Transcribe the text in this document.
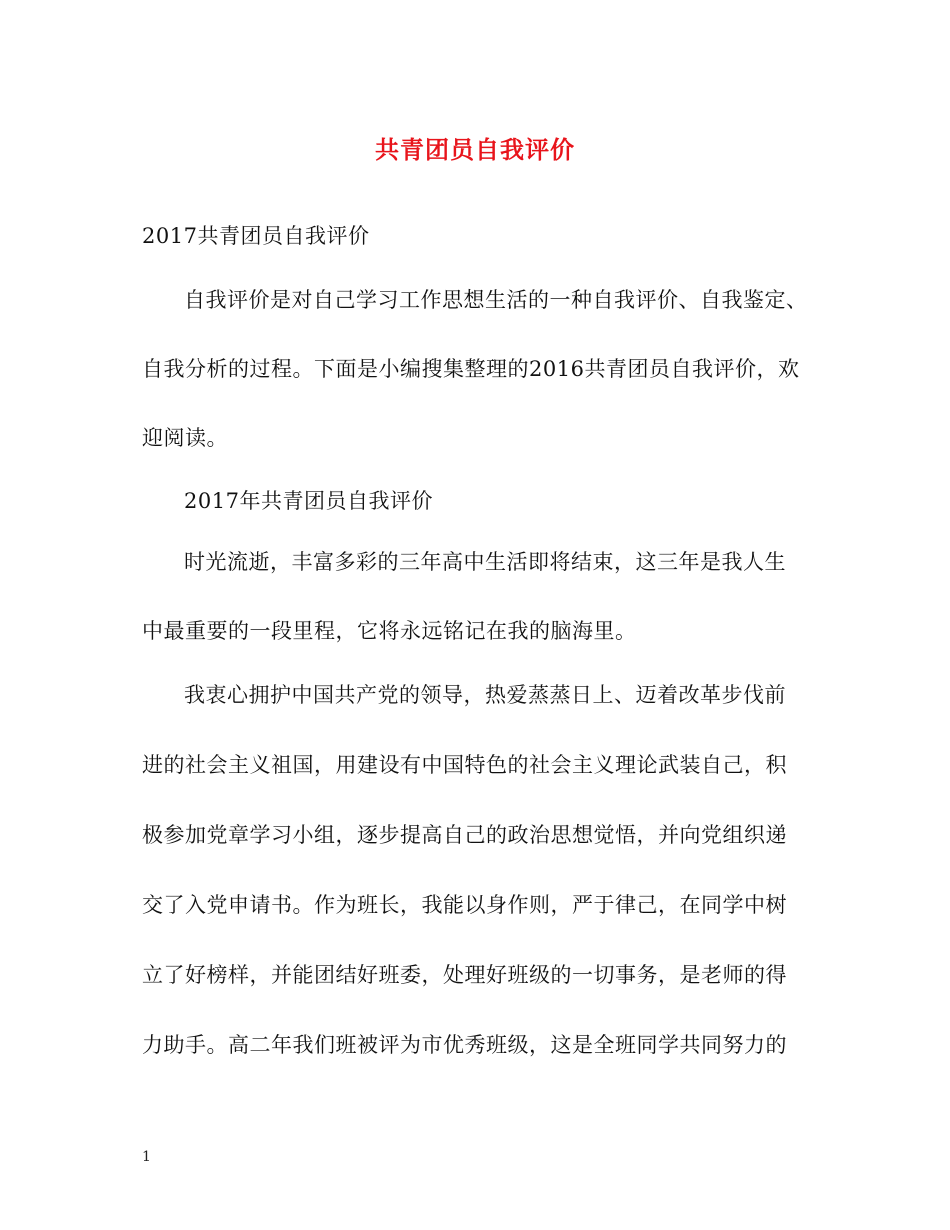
共青团员自我评价
2017共青团员自我评价
自我评价是对自己学习工作思想生活的一种自我评价、自我鉴定、
自我分析的过程。下面是小编搜集整理的2016共青团员自我评价，欢
迎阅读。
2017年共青团员自我评价
时光流逝，丰富多彩的三年高中生活即将结束，这三年是我人生
中最重要的一段里程，它将永远铭记在我的脑海里。
我衷心拥护中国共产党的领导，热爱蒸蒸日上、迈着改革步伐前
进的社会主义祖国，用建设有中国特色的社会主义理论武装自己，积
极参加党章学习小组，逐步提高自己的政治思想觉悟，并向党组织递
交了入党申请书。作为班长，我能以身作则，严于律己，在同学中树
立了好榜样，并能团结好班委，处理好班级的一切事务，是老师的得
力助手。高二年我们班被评为市优秀班级，这是全班同学共同努力的
1
